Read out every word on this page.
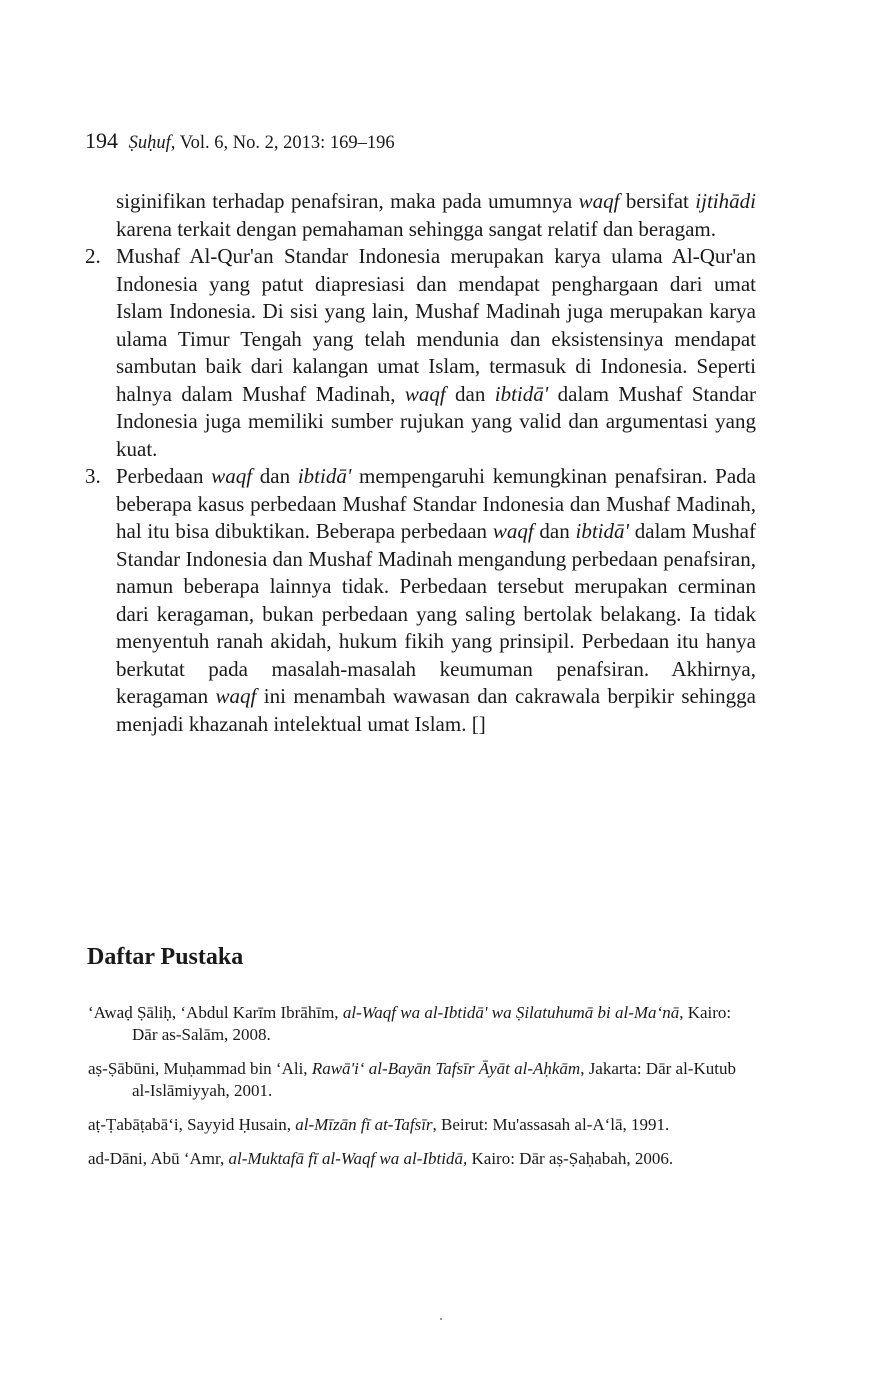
194 Ṣuḥuf, Vol. 6, No. 2, 2013: 169–196

siginifikan terhadap penafsiran, maka pada umumnya waqf bersifat ijtihādi karena terkait dengan pemahaman sehingga sangat relatif dan beragam.

2. Mushaf Al-Qur'an Standar Indonesia merupakan karya ulama Al-Qur'an Indonesia yang patut diapresiasi dan mendapat penghargaan dari umat Islam Indonesia. Di sisi yang lain, Mushaf Madinah juga merupakan karya ulama Timur Tengah yang telah mendunia dan eksistensinya mendapat sambutan baik dari kalangan umat Islam, termasuk di Indonesia. Seperti halnya dalam Mushaf Madinah, waqf dan ibtidā' dalam Mushaf Standar Indonesia juga memiliki sumber rujukan yang valid dan argumentasi yang kuat.

3. Perbedaan waqf dan ibtidā' mempengaruhi kemungkinan penafsiran. Pada beberapa kasus perbedaan Mushaf Standar Indonesia dan Mushaf Madinah, hal itu bisa dibuktikan. Beberapa perbedaan waqf dan ibtidā' dalam Mushaf Standar Indonesia dan Mushaf Madinah mengandung perbedaan penafsiran, namun beberapa lainnya tidak. Perbedaan tersebut merupakan cerminan dari keragaman, bukan perbedaan yang saling bertolak belakang. Ia tidak menyentuh ranah akidah, hukum fikih yang prinsipil. Perbedaan itu hanya berkutat pada masalah-masalah keumuman penafsiran. Akhirnya, keragaman waqf ini menambah wawasan dan cakrawala berpikir sehingga menjadi khazanah intelektual umat Islam. []

Daftar Pustaka

‘Awaḍ Ṣāliḥ, ‘Abdul Karīm Ibrāhīm, al-Waqf wa al-Ibtidā' wa Ṣilatuhumā bi al-Ma‘nā, Kairo: Dār as-Salām, 2008.

aṣ-Ṣābūni, Muḥammad bin ‘Ali, Rawā'i‘ al-Bayān Tafsīr Āyāt al-Aḥkām, Jakarta: Dār al-Kutub al-Islāmiyyah, 2001.

aṭ-Ṭabāṭabā‘i, Sayyid Ḥusain, al-Mīzān fī at-Tafsīr, Beirut: Mu'assasah al-A‘lā, 1991.

ad-Dāni, Abū ‘Amr, al-Muktafā fī al-Waqf wa al-Ibtidā, Kairo: Dār aṣ-Ṣaḥabah, 2006.
